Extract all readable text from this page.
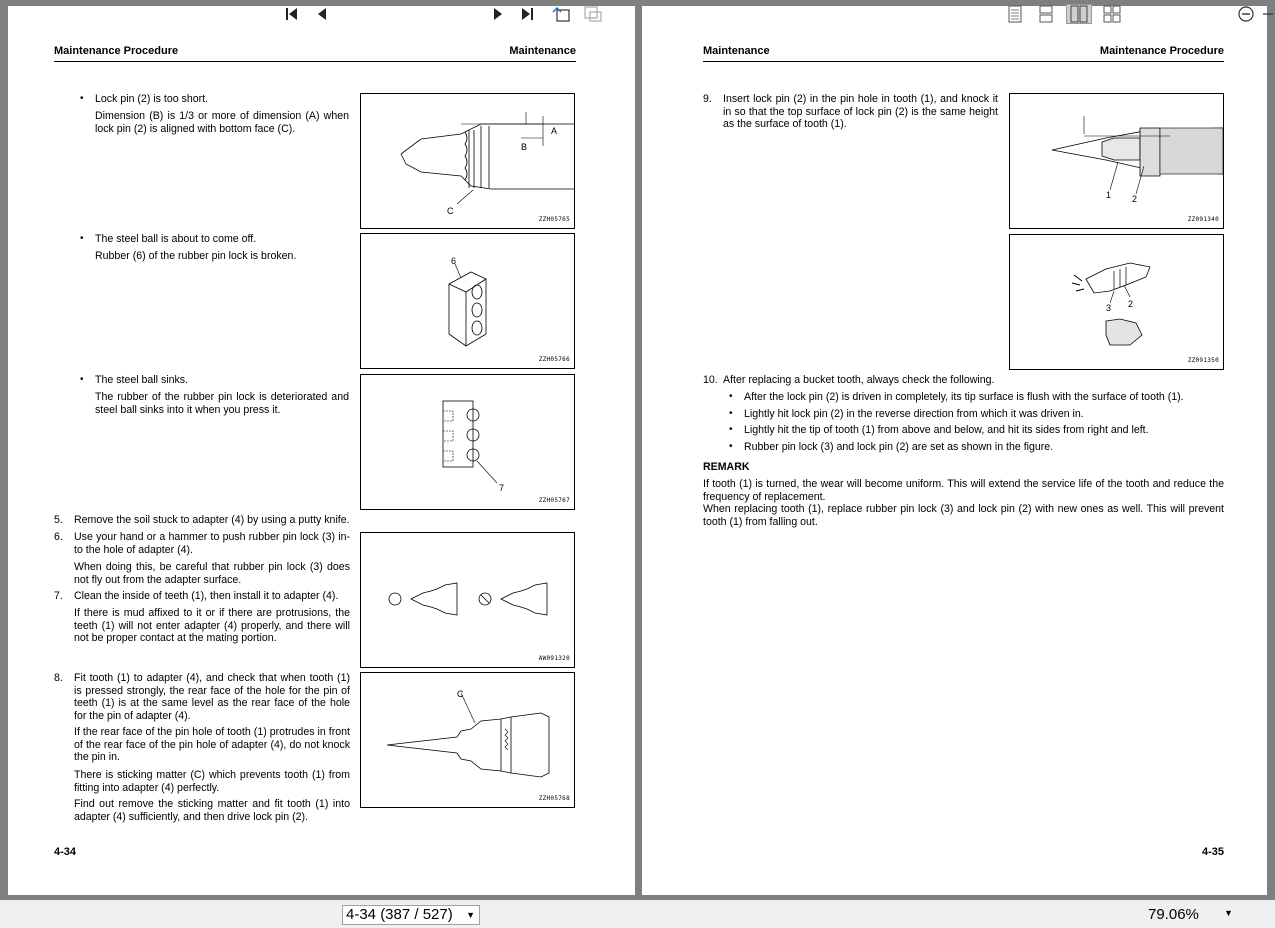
Maintenance Procedure	Maintenance
• Lock pin (2) is too short.
Dimension (B) is 1/3 or more of dimension (A) when lock pin (2) is aligned with bottom face (C).
• The steel ball is about to come off.
Rubber (6) of the rubber pin lock is broken.
• The steel ball sinks.
The rubber of the rubber pin lock is deteriorated and steel ball sinks into it when you press it.
5. Remove the soil stuck to adapter (4) by using a putty knife.
6. Use your hand or a hammer to push rubber pin lock (3) in-to the hole of adapter (4).
When doing this, be careful that rubber pin lock (3) does not fly out from the adapter surface.
7. Clean the inside of teeth (1), then install it to adapter (4).
If there is mud affixed to it or if there are protrusions, the teeth (1) will not enter adapter (4) properly, and there will not be proper contact at the mating portion.
8. Fit tooth (1) to adapter (4), and check that when tooth (1) is pressed strongly, the rear face of the hole for the pin of teeth (1) is at the same level as the rear face of the hole for the pin of adapter (4).
If the rear face of the pin hole of tooth (1) protrudes in front of the rear face of the pin hole of adapter (4), do not knock the pin in.
There is sticking matter (C) which prevents tooth (1) from fitting into adapter (4) perfectly.
Find out remove the sticking matter and fit tooth (1) into adapter (4) sufficiently, and then drive lock pin (2).
A
B
C
ZZH05765
6
ZZH05766
7
ZZH05767
AW091320
C
ZZH05768
4-34
Maintenance	Maintenance Procedure
9. Insert lock pin (2) in the pin hole in tooth (1), and knock it in so that the top surface of lock pin (2) is the same height as the surface of tooth (1).
1 2
ZZ091340
3 2
ZZ091350
10. After replacing a bucket tooth, always check the following.
• After the lock pin (2) is driven in completely, its tip surface is flush with the surface of tooth (1).
• Lightly hit lock pin (2) in the reverse direction from which it was driven in.
• Lightly hit the tip of tooth (1) from above and below, and hit its sides from right and left.
• Rubber pin lock (3) and lock pin (2) are set as shown in the figure.
REMARK
If tooth (1) is turned, the wear will become uniform. This will extend the service life of the tooth and reduce the frequency of replacement.
When replacing tooth (1), replace rubber pin lock (3) and lock pin (2) with new ones as well. This will prevent tooth (1) from falling out.
4-35
4-34 (387 / 527) ▼	79.06%	▼
